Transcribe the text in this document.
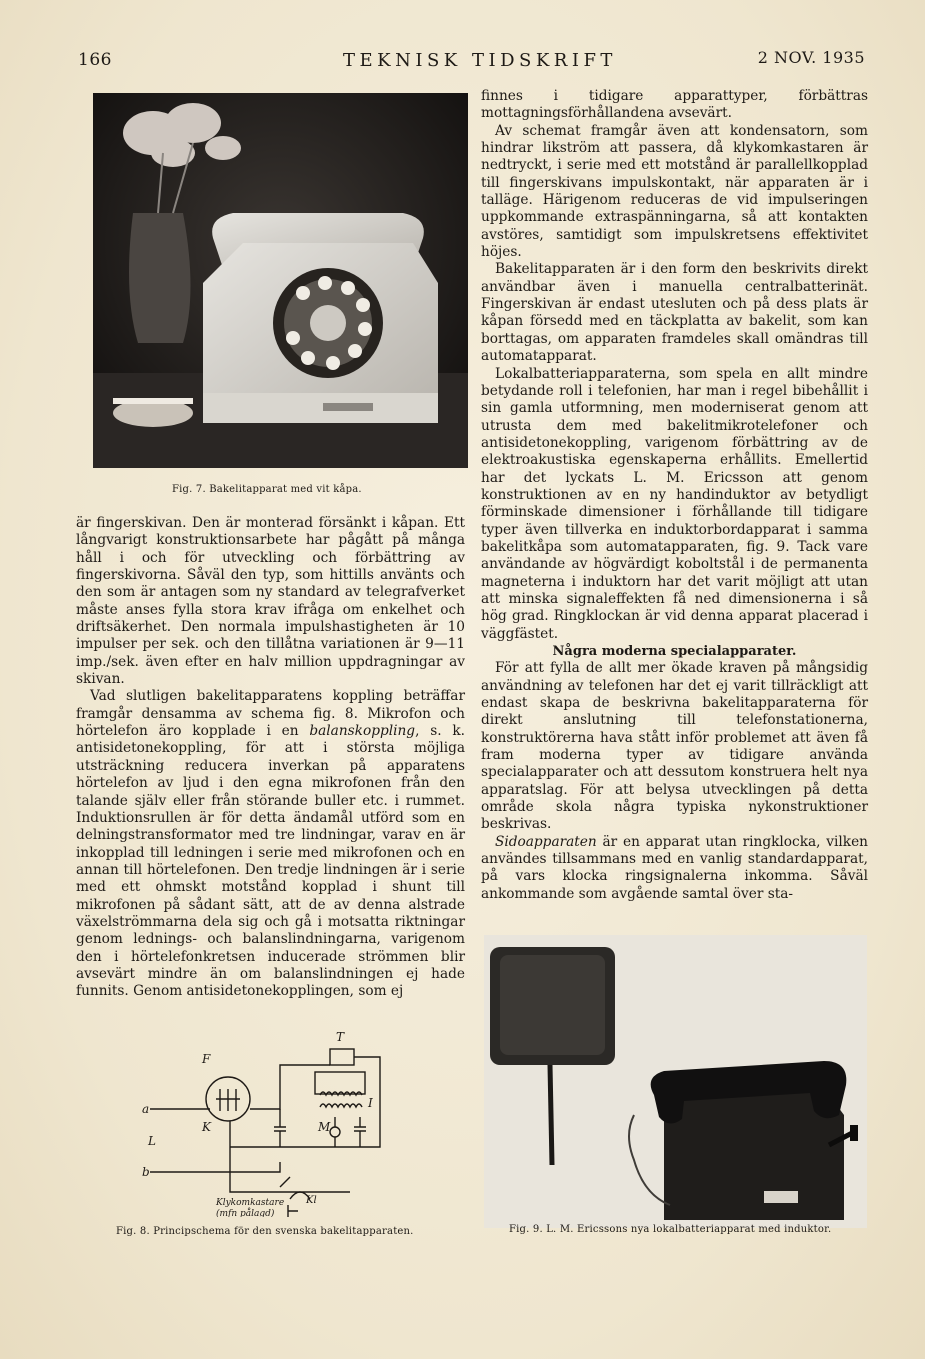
166	TEKNISK TIDSKRIFT	2 NOV. 1935
Fig. 7. Bakelitapparat med vit kåpa.

är fingerskivan. Den är monterad försänkt i kåpan. Ett långvarigt konstruktionsarbete har pågått på många håll i och för utveckling och förbättring av fingerskivorna. Såväl den typ, som hittills använts och den som är antagen som ny standard av telegrafverket måste anses fylla stora krav ifråga om enkelhet och driftsäkerhet. Den normala impulshastigheten är 10 impulser per sek. och den tillåtna variationen är 9—11 imp./sek. även efter en halv million uppdragningar av skivan.

Vad slutligen bakelitapparatens koppling beträffar framgår densamma av schema fig. 8. Mikrofon och hörtelefon äro kopplade i en balanskoppling, s. k. antisidetonekoppling, för att i största möjliga utsträckning reducera inverkan på apparatens hörtelefon av ljud i den egna mikrofonen från den talande själv eller från störande buller etc. i rummet. Induktionsrullen är för detta ändamål utförd som en delningstransformator med tre lindningar, varav en är inkopplad till ledningen i serie med mikrofonen och en annan till hörtelefonen. Den tredje lindningen är i serie med ett ohmskt motstånd kopplad i shunt till mikrofonen på sådant sätt, att de av denna alstrade växelströmmarna dela sig och gå i motsatta riktningar genom lednings- och balanslindningarna, varigenom den i hörtelefonkretsen inducerade strömmen blir avsevärt mindre än om balanslindningen ej hade funnits. Genom antisidetonekopplingen, som ej

F
T
I
K	M
a
L
b
Klykomkastare
(mfn pålagd)
Kl
Fig. 8. Principschema för den svenska bakelitapparaten.

finnes i tidigare apparattyper, förbättras mottagningsförhållandena avsevärt.

Av schemat framgår även att kondensatorn, som hindrar likström att passera, då klykomkastaren är nedtryckt, i serie med ett motstånd är parallellkopplad till fingerskivans impulskontakt, när apparaten är i talläge. Härigenom reduceras de vid impulseringen uppkommande extraspänningarna, så att kontakten avstöres, samtidigt som impulskretsens effektivitet höjes.

Bakelitapparaten är i den form den beskrivits direkt användbar även i manuella centralbatterinät. Fingerskivan är endast utesluten och på dess plats är kåpan försedd med en täckplatta av bakelit, som kan borttagas, om apparaten framdeles skall omändras till automatapparat.

Lokalbatteriapparaterna, som spela en allt mindre betydande roll i telefonien, har man i regel bibehållit i sin gamla utformning, men moderniserat genom att utrusta dem med bakelitmikrotelefoner och antisidetonekoppling, varigenom förbättring av de elektroakustiska egenskaperna erhållits. Emellertid har det lyckats L. M. Ericsson att genom konstruktionen av en ny handinduktor av betydligt förminskade dimensioner i förhållande till tidigare typer även tillverka en induktorbordapparat i samma bakelitkåpa som automatapparaten, fig. 9. Tack vare användande av högvärdigt koboltstål i de permanenta magneterna i induktorn har det varit möjligt att utan att minska signaleffekten få ned dimensionerna i så hög grad. Ringklockan är vid denna apparat placerad i väggfästet.

Några moderna specialapparater.

För att fylla de allt mer ökade kraven på mångsidig användning av telefonen har det ej varit tillräckligt att endast skapa de beskrivna bakelitapparaterna för direkt anslutning till telefonstationerna, konstruktörerna hava stått inför problemet att även få fram moderna typer av tidigare använda specialapparater och att dessutom konstruera helt nya apparatslag. För att belysa utvecklingen på detta område skola några typiska nykonstruktioner beskrivas.

Sidoapparaten är en apparat utan ringklocka, vilken användes tillsammans med en vanlig standardapparat, på vars klocka ringsignalerna inkomma. Såväl ankommande som avgående samtal över sta-

Fig. 9. L. M. Ericssons nya lokalbatteriapparat med induktor.
